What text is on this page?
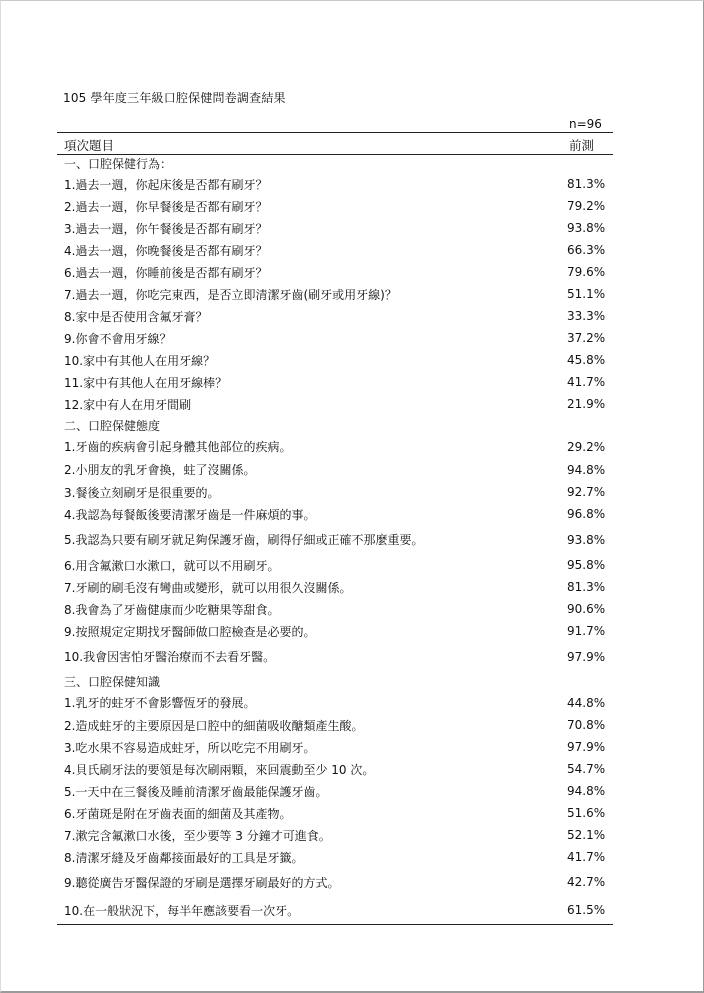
105 學年度三年級口腔保健問卷調查結果
n=96
項次題目	前測
一、口腔保健行為：
1.過去一週，你起床後是否都有刷牙？	81.3%
2.過去一週，你早餐後是否都有刷牙？	79.2%
3.過去一週，你午餐後是否都有刷牙？	93.8%
4.過去一週，你晚餐後是否都有刷牙？	66.3%
6.過去一週，你睡前後是否都有刷牙？	79.6%
7.過去一週，你吃完東西，是否立即清潔牙齒(刷牙或用牙線)？	51.1%
8.家中是否使用含氟牙膏？	33.3%
9.你會不會用牙線？	37.2%
10.家中有其他人在用牙線？	45.8%
11.家中有其他人在用牙線棒？	41.7%
12.家中有人在用牙間刷	21.9%
二、口腔保健態度
1.牙齒的疾病會引起身體其他部位的疾病。	29.2%
2.小朋友的乳牙會換，蛀了沒關係。	94.8%
3.餐後立刻刷牙是很重要的。	92.7%
4.我認為每餐飯後要清潔牙齒是一件麻煩的事。	96.8%
5.我認為只要有刷牙就足夠保護牙齒，刷得仔細或正確不那麼重要。	93.8%
6.用含氟漱口水漱口，就可以不用刷牙。	95.8%
7.牙刷的刷毛沒有彎曲或變形，就可以用很久沒關係。	81.3%
8.我會為了牙齒健康而少吃糖果等甜食。	90.6%
9.按照規定定期找牙醫師做口腔檢查是必要的。	91.7%
10.我會因害怕牙醫治療而不去看牙醫。	97.9%
三、口腔保健知識
1.乳牙的蛀牙不會影響恆牙的發展。	44.8%
2.造成蛀牙的主要原因是口腔中的細菌吸收醣類產生酸。	70.8%
3.吃水果不容易造成蛀牙，所以吃完不用刷牙。	97.9%
4.貝氏刷牙法的要領是每次刷兩顆，來回震動至少 10 次。	54.7%
5.一天中在三餐後及睡前清潔牙齒最能保護牙齒。	94.8%
6.牙菌斑是附在牙齒表面的細菌及其產物。	51.6%
7.漱完含氟漱口水後，至少要等 3 分鐘才可進食。	52.1%
8.清潔牙縫及牙齒鄰接面最好的工具是牙籤。	41.7%
9.聽從廣告牙醫保證的牙刷是選擇牙刷最好的方式。	42.7%
10.在一般狀況下，每半年應該要看一次牙。	61.5%
